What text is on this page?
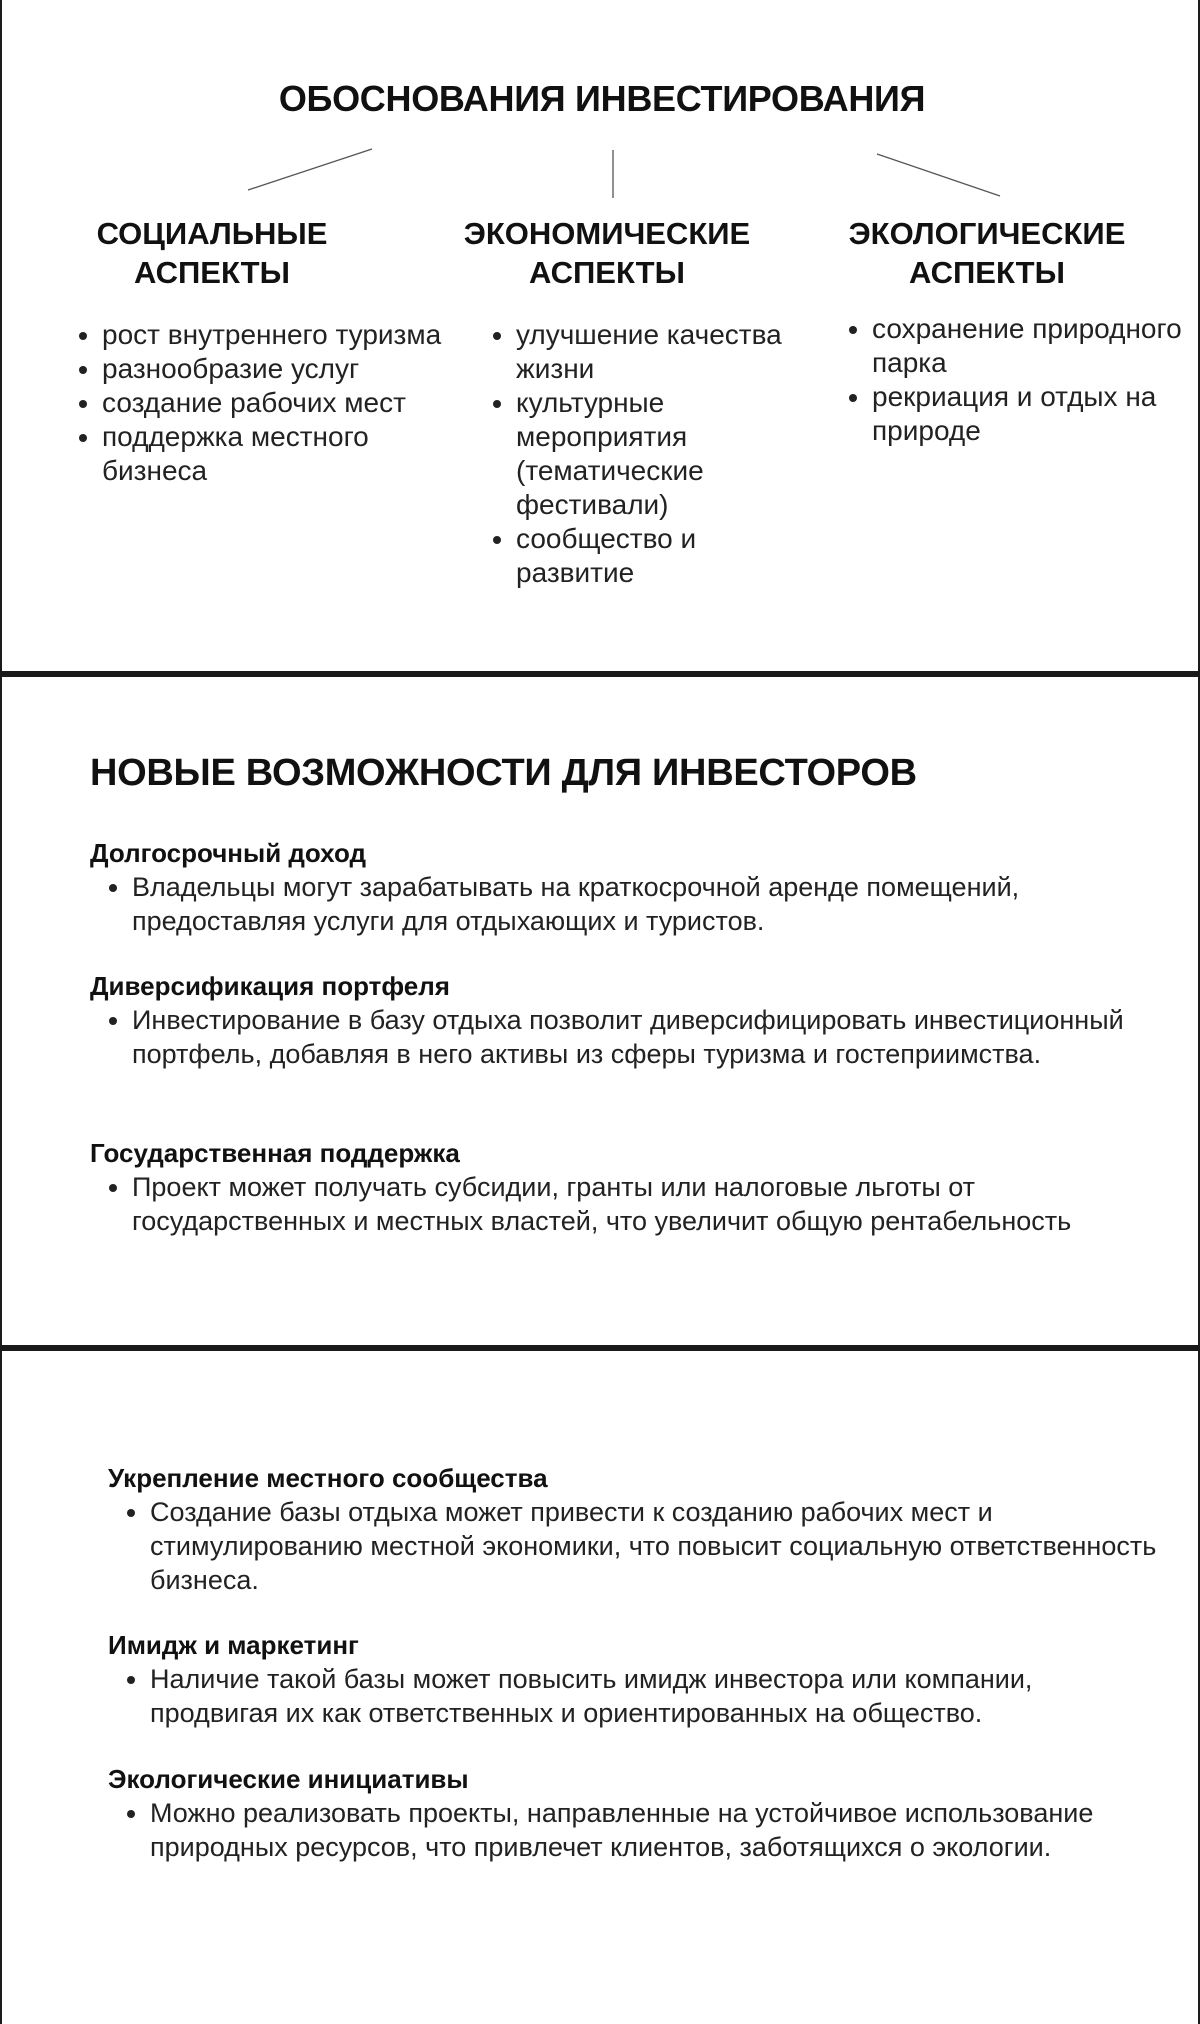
ОБОСНОВАНИЯ ИНВЕСТИРОВАНИЯ
СОЦИАЛЬНЫЕ
АСПЕКТЫ
ЭКОНОМИЧЕСКИЕ
АСПЕКТЫ
ЭКОЛОГИЧЕСКИЕ
АСПЕКТЫ
• рост внутреннего туризма
• разнообразие услуг
• создание рабочих мест
• поддержка местного бизнеса
• улучшение качества жизни
• культурные мероприятия (тематические фестивали)
• сообщество и развитие
• сохранение природного парка
• рекриация и отдых на природе
НОВЫЕ ВОЗМОЖНОСТИ ДЛЯ ИНВЕСТОРОВ
Долгосрочный доход
• Владельцы могут зарабатывать на краткосрочной аренде помещений, предоставляя услуги для отдыхающих и туристов.
Диверсификация портфеля
• Инвестирование в базу отдыха позволит диверсифицировать инвестиционный портфель, добавляя в него активы из сферы туризма и гостеприимства.
Государственная поддержка
• Проект может получать субсидии, гранты или налоговые льготы от государственных и местных властей, что увеличит общую рентабельность
Укрепление местного сообщества
• Создание базы отдыха может привести к созданию рабочих мест и стимулированию местной экономики, что повысит социальную ответственность бизнеса.
Имидж и маркетинг
• Наличие такой базы может повысить имидж инвестора или компании, продвигая их как ответственных и ориентированных на общество.
Экологические инициативы
• Можно реализовать проекты, направленные на устойчивое использование природных ресурсов, что привлечет клиентов, заботящихся о экологии.
